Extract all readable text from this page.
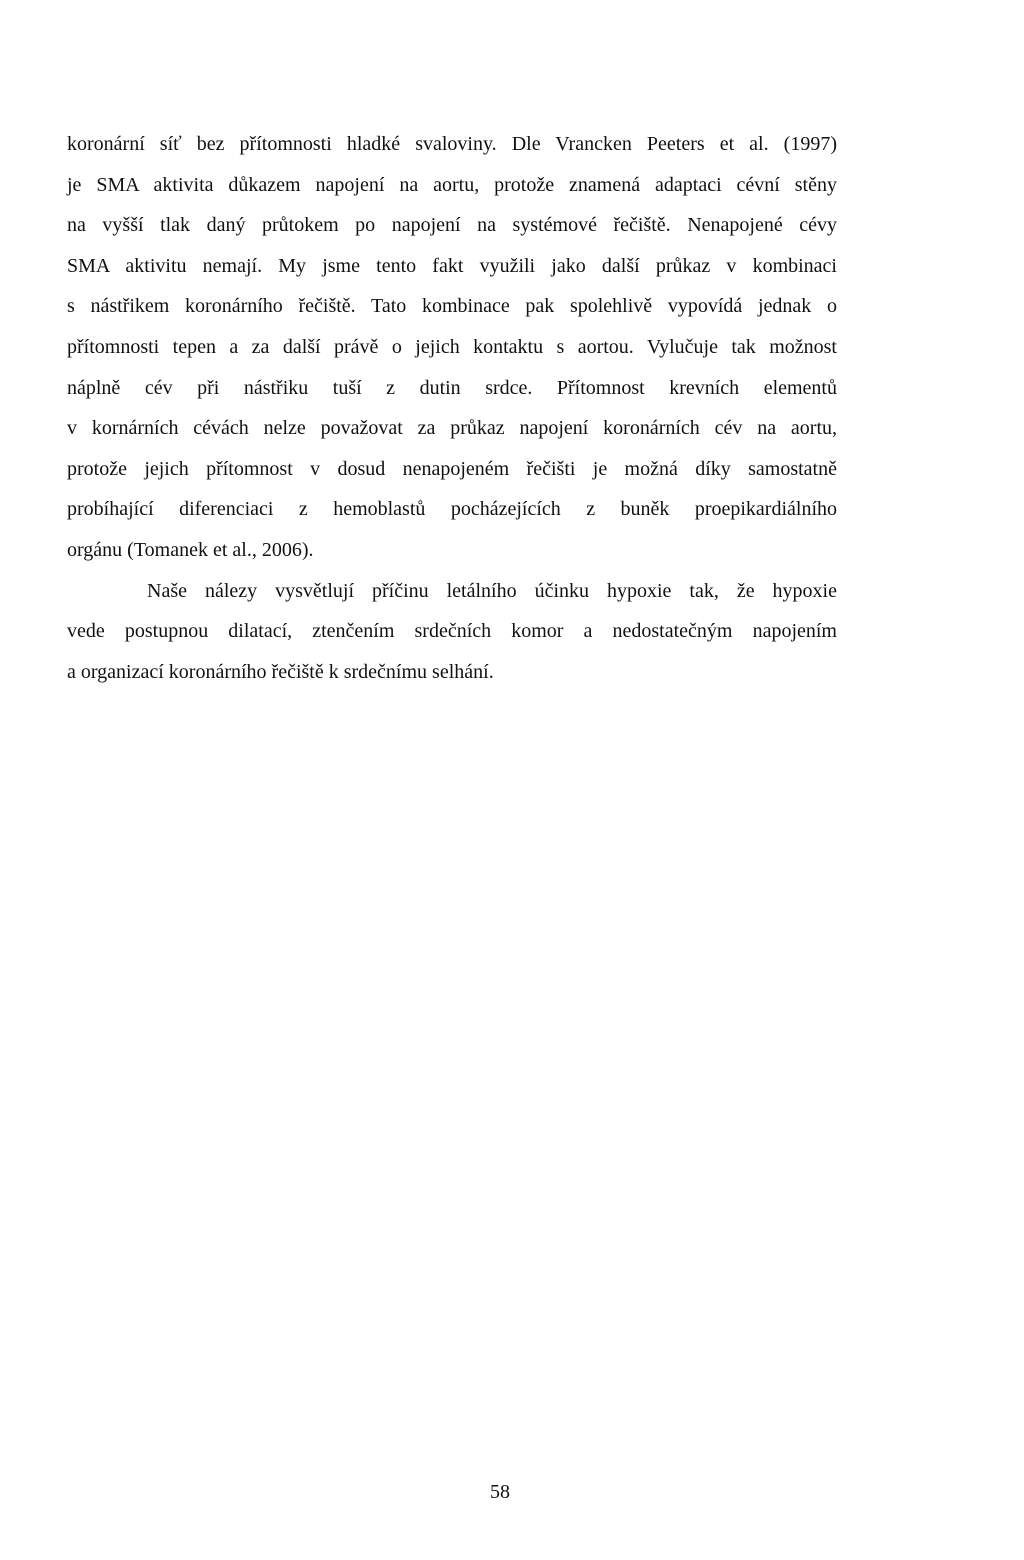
koronární síť bez přítomnosti hladké svaloviny. Dle Vrancken Peeters et al. (1997)
je SMA aktivita důkazem napojení na aortu, protože znamená adaptaci cévní stěny
na vyšší tlak daný průtokem po napojení na systémové řečiště. Nenapojené cévy
SMA aktivitu nemají. My jsme tento fakt využili jako další průkaz v kombinaci
s nástřikem koronárního řečiště. Tato kombinace pak spolehlivě vypovídá jednak o
přítomnosti tepen a za další právě o jejich kontaktu s aortou. Vylučuje tak možnost
náplně cév při nástřiku tuší z dutin srdce. Přítomnost krevních elementů
v kornárních cévách nelze považovat za průkaz napojení koronárních cév na aortu,
protože jejich přítomnost v dosud nenapojeném řečišti je možná díky samostatně
probíhající diferenciaci z hemoblastů pocházejících z buněk proepikardiálního
orgánu (Tomanek et al., 2006).
Naše nálezy vysvětlují příčinu letálního účinku hypoxie tak, že hypoxie
vede postupnou dilatací, ztenčením srdečních komor a nedostatečným napojením
a organizací koronárního řečiště k srdečnímu selhání.
58
